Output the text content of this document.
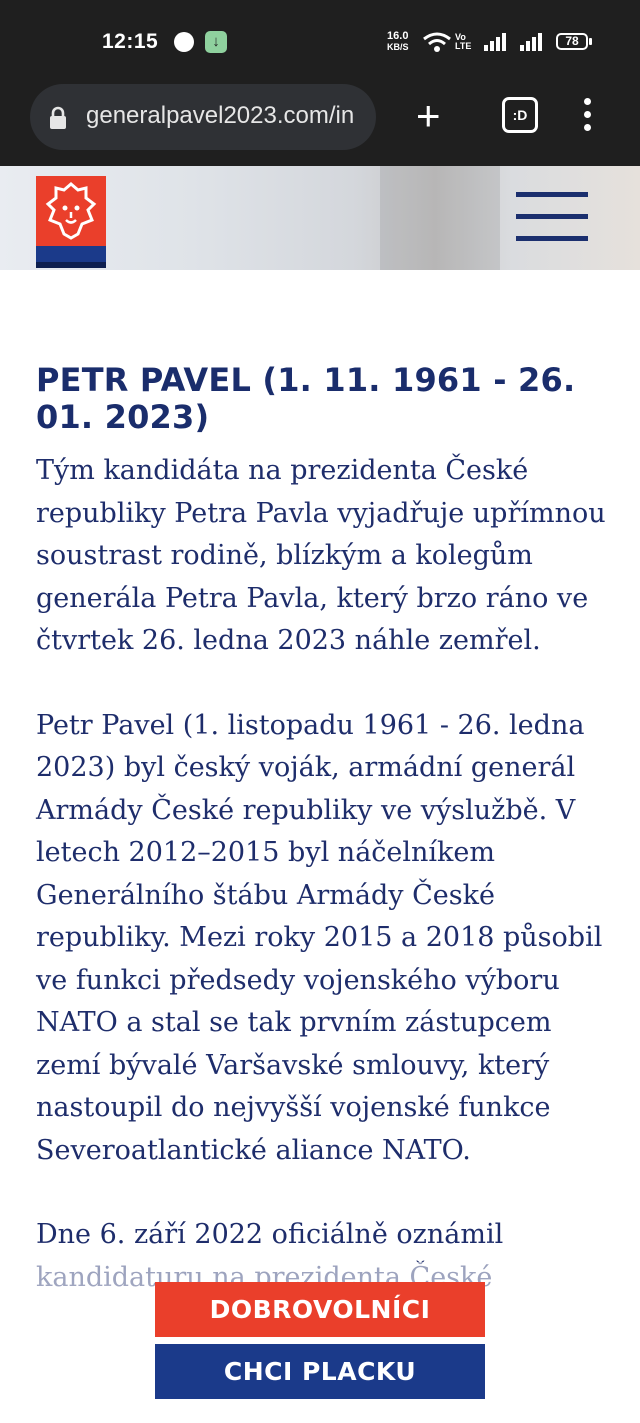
12:15	↓	16.0
KB/S
Vo
LTE	78
generalpavel2023.com/in	+	:D
PETR PAVEL (1. 11. 1961 - 26. 01. 2023)

Tým kandidáta na prezidenta České republiky Petra Pavla vyjadřuje upřímnou soustrast rodině, blízkým a kolegům generála Petra Pavla, který brzo ráno ve čtvrtek 26. ledna 2023 náhle zemřel.

Petr Pavel (1. listopadu 1961 - 26. ledna 2023) byl český voják, armádní generál Armády České republiky ve výslužbě. V letech 2012–2015 byl náčelníkem Generálního štábu Armády České republiky. Mezi roky 2015 a 2018 působil ve funkci předsedy vojenského výboru NATO a stal se tak prvním zástupcem zemí bývalé Varšavské smlouvy, který nastoupil do nejvyšší vojenské funkce Severoatlantické aliance NATO.

Dne 6. září 2022 oficiálně oznámil

DOBROVOLNÍCI
CHCI PLACKU
